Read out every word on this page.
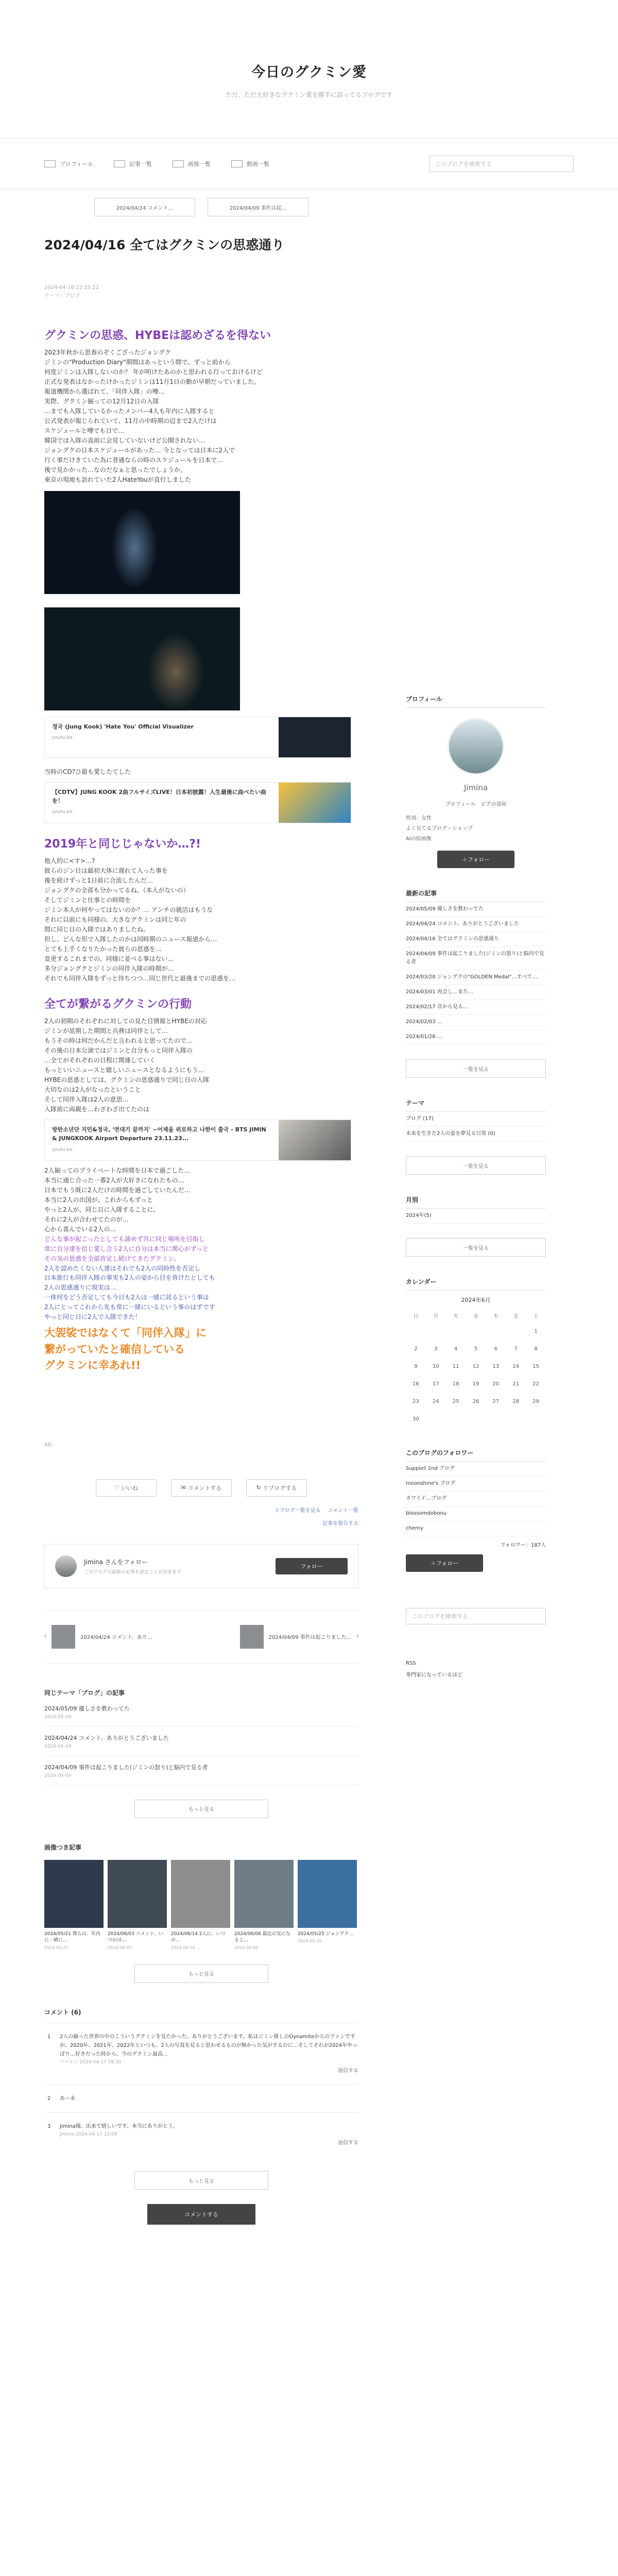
今日のグクミン愛
ただ、ただ大好きなグクミン愛を勝手に語ってるブログです
プロフィール	記事一覧	画像一覧	動画一覧	このブログを検索する
2024/04/24 コメント...	2024/04/09 事件は起...
2024/04/16 全てはグクミンの思惑通り
2024-04-16 22:55:22
テーマ：ブログ
グクミンの思惑、HYBEは認めざるを得ない
2023年秋から思春のぞくござったジョングク
ジミンの"Production Diary"期間はあっという間で、ずっと前から
何度ジミンは入隊しないのか？ 年が明けたあのかと思われる行っておけるけど
正式な発表はなかったけかったジミンは11月1日の勤が早朝だっていました。
報道機関から選ばれて、「同伴入隊」の噂…
実際、グクミン揃っての12月12日の入隊
…までも入隊しているかったメンバー4人も年内に入隊すると
公式発表が報じられていて、11月の中時期の辺まで2人だけは
スケジュールと噂でも日で…
韓国では入隊の直前に会見していないけど公開されない…
ジョングクの日本スケジュールがあった… 今となっては日本に2人で
行く事だけきていた為に普通ならの時のスケジュールを日本で…
後で見かかった…なのだなぁと思ったでしょうか。
東京の現地も訪れていた2人HateYouが直行しました
정국 (Jung Kook) 'Hate You' Official Visualizer
youtu.be
当時のCD?ひ最も愛したてした
【CDTV】JUNG KOOK 2曲フルサイズLIVE！日本初披露！人生最後に曲べたい曲を！
youtu.be
2019年と同じじゃないか…?!
他人的に<す>…?
彼らのジン日は最初大体に遅れて入った事を
後を続けずっと1日前に合流したんだ…
ジョングクの全部も分かってるね。（本人がないの）
そしてジミンと仕事との時間を
ジミン本人が何やってはないのか？… アンチの就活はもうな
それに以前にも同様の、大きなグクミンは同じ年の
間に同じ日の入隊ではありましたね。
但し、どんな形で入隊したのかは同時期のニュース報道から…
とても上手くなりたかった彼らの思惑を…
変更するこれまでの、同様に並べる事はない…
多分ジョングクとジミンの同伴入隊の時期が…
それでも同伴入隊をずっと待ちつつ…同じ世代と最後までの思惑を…
全てが繋がるグクミンの行動
2人の初期のそれぞれに対しての見た目情報とHYBEの対応
ジミンが延期した期間と兵務は同伴として…
もうその時は何だかんだと言われると思ってたので…
その後の日本公演ではジミンと自分もっと同伴入隊の
…全てがそれぞれの日程に関連していく
もっといいニュースと嬉しいニュースとなるようにもう…
HYBEの思惑としては、グクミンの思惑通りで同じ日の入隊
大切なのは2人がなったということ
そして同伴入隊は2人の意思…
入隊前に両親を…わざわざ出てたのは
방탄소년단 지민&정국, '연대기 끝까지' ~어제을 위로하고 나한이 출국 - BTS JIMIN & JUNGKOOK Airport Departure 23.11.23...
youtu.be
2人揃ってのプライベートな時間を日本で過ごした…
本当に通じ合った一番2人が大好きになれたもの…
日本でもう既に2人だけの時間を過ごしていたんだ…
本当に2人の出国が、これからもずっと
やっと2人が、同じ日に入隊することに、
それに2人が合わせてたのが…
心から喜んでいる2人の…
どんな事が起こったとしても諦めず共に同じ場所を目指し
常に自分達を信じ愛し合う2人に自分は本当に関心がずっと
その気の思惑を全部肯定し続けてきたグクミン。
2人を認めたくない人達はそれでも2人の同時性を否定し
日本旅行も同伴入隊の事実も2人の姿から目を背けたとしても
2人の思惑通りに現実は…
一体何をどう否定しても今日も2人は一緒に居るという事は
2人にとってこれから先も常に一緒にいるという事のはずです
やっと同じ日に2人で入隊できた！
大袈裟ではなくて「同伴入隊」に
繋がっていたと確信している
グクミンに幸あれ!!
AD
♡ いいね	✉ コメントする	↻ リブログする
リブログ一覧を見る　 コメント一覧
記事を報告する
Jimina さんをフォロー
このブログの最新の記事を読むことが出来ます。
フォロー
‹	2024/04/24 コメント、あり...	2024/04/09 事件は起こりました... ›
同じテーマ「ブログ」の記事
2024/05/09 優しさを教わってた
2024-05-09
2024/04/24 コメント、ありがとうございました
2024-04-24
2024/04/09 事件は起こりました(ジミンの怒り)と脳内で見る者
2024-04-09
もっと見る
画像つき記事
2024/05/21 僕らは、年内に一緒に…
2024-05-21
2024/06/03 コメント、いつかは…
2024-06-03
2024/06/14 2人に、いつの…
2024-06-14
2024/06/06 最近の気になるこ…
2024-06-06
2024/05/25 ジョングク…
2024-05-25
もっと見る
コメント (6)
1 2人の揃った世界の中のこういうグクミンを見たかった。ありがとうございます。私はジミン推しのDynamiteからのファンですが、2020年、2021年、2022年といつも、2人の写真を見ると思わせるものが無かった気がするのに…そしてそれが2024年やっぱり…好きだった時から、今のグクミン最高…
ベナルフ 2024-04-17 09:30
返信する
2 あー未
3 Jimina様、出来て嬉しいです。本当にありがとう。
Jimina 2024-04-17 12:08
返信する
もっと見る
コメントする
プロフィール
Jimina
プロフィール　ピグの部屋
性別：女性
よく見てるブログ・ショップ
AIの絵画像
＋ フォロー
最新の記事
2024/05/09 優しさを教わってた
2024/04/24 コメント、ありがとうございました
2024/04/16 全てはグクミンの思惑通り
2024/04/09 事件は起こりました(ジミンの怒り)と脳内で見る者
2024/03/20 ジョングクの"GOLDEN Medal"…すべて…
2024/03/01 再会し…また…
2024/02/17 昔から見る…
2024/02/03 …
2024/01/26 …
一覧を見る
テーマ
ブログ (17)
未来を生きた2人の姿を夢見る日常 (0)
一覧を見る
月別
2024年(5)
一覧を見る
カレンダー
2024年6月
日	月	火	水	木	金	土
						1
2	3	4	5	6	7	8
9	10	11	12	13	14	15
16	17	18	19	20	21	22
23	24	25	26	27	28	29
30						
このブログのフォロワー
Support 2nd ブログ
moonshine's ブログ
カワイイ…ブログ
blossomdobonu
cherny
フォロワー：187人
＋ フォロー
このブログを検索する
RSS
専門家になっているほど
